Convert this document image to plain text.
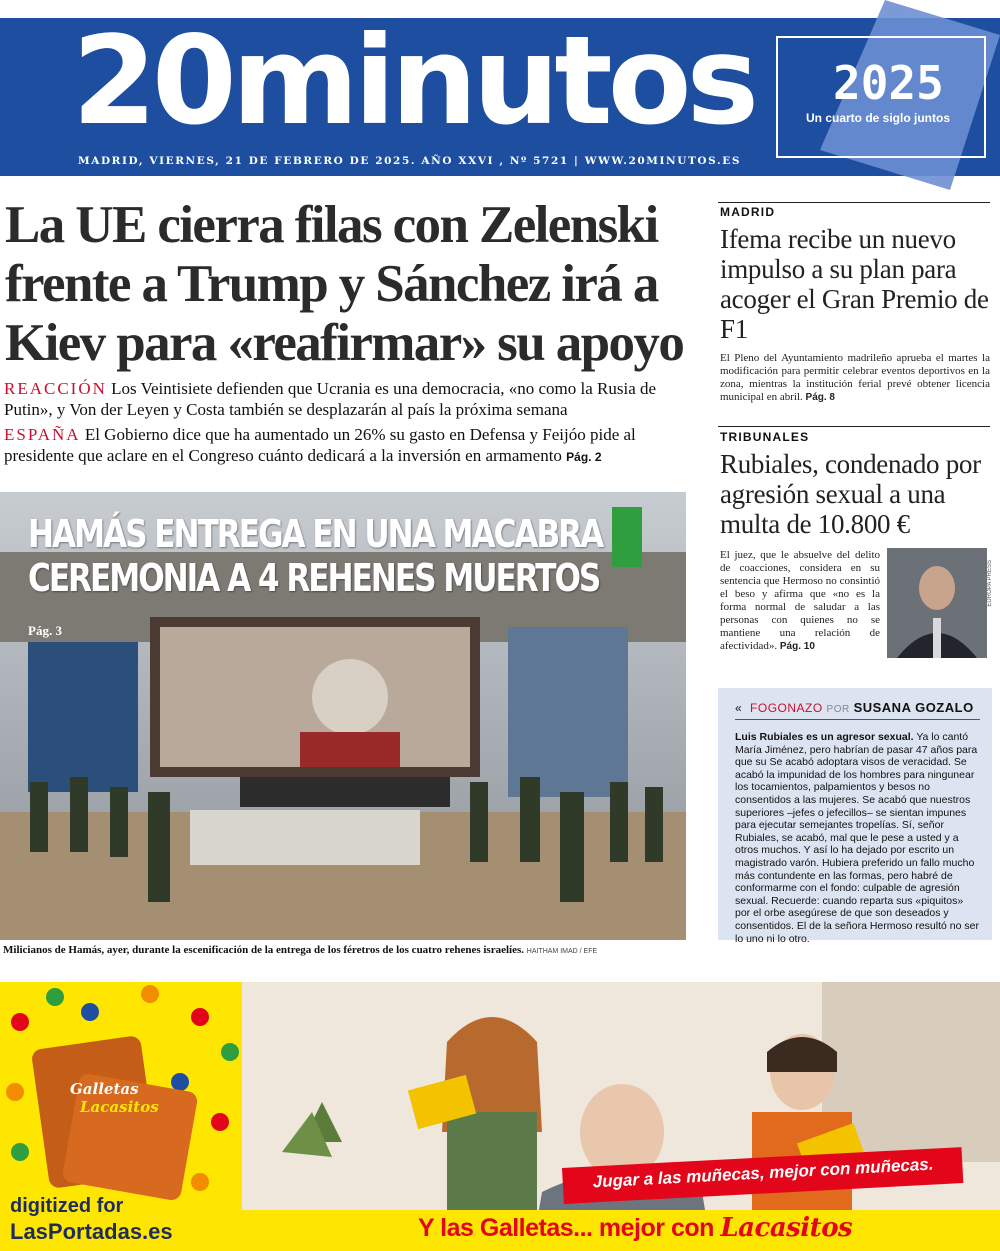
20minutos
MADRID, VIERNES, 21 DE FEBRERO DE 2025. AÑO XXVI , Nº 5721 | WWW.20MINUTOS.ES
2025
Un cuarto de siglo juntos
La UE cierra filas con Zelenski frente a Trump y Sánchez irá a Kiev para «reafirmar» su apoyo

REACCIÓN Los Veintisiete defienden que Ucrania es una democracia, «no como la Rusia de Putin», y Von der Leyen y Costa también se desplazarán al país la próxima semana

ESPAÑA El Gobierno dice que ha aumentado un 26% su gasto en Defensa y Feijóo pide al presidente que aclare en el Congreso cuánto dedicará a la inversión en armamento Pág. 2

HAMÁS ENTREGA EN UNA MACABRA
CEREMONIA A 4 REHENES MUERTOS
Pág. 3
Milicianos de Hamás, ayer, durante la escenificación de la entrega de los féretros de los cuatro rehenes israelíes. HAITHAM IMAD / EFE
MADRID
Ifema recibe un nuevo impulso a su plan para acoger el Gran Premio de F1

El Pleno del Ayuntamiento madrileño aprueba el martes la modificación para permitir celebrar eventos deportivos en la zona, mientras la institución ferial prevé obtener licencia municipal en abril. Pág. 8

TRIBUNALES
Rubiales, condenado por agresión sexual a una multa de 10.800 €

El juez, que le absuelve del delito de coacciones, considera en su sentencia que Hermoso no consintió el beso y afirma que «no es la forma normal de saludar a las personas con quienes no se mantiene una relación de afectividad». Pág. 10

EUROPA PRESS
« FOGONAZO POR SUSANA GOZALO

Luis Rubiales es un agresor sexual. Ya lo cantó María Jiménez, pero habrían de pasar 47 años para que su Se acabó adoptara visos de veracidad. Se acabó la impunidad de los hombres para ningunear los tocamientos, palpamientos y besos no consentidos a las mujeres. Se acabó que nuestros superiores –jefes o jefecillos– se sientan impunes para ejecutar semejantes tropelías. Sí, señor Rubiales, se acabó, mal que le pese a usted y a otros muchos. Y así lo ha dejado por escrito un magistrado varón. Hubiera preferido un fallo mucho más contundente en las formas, pero habré de conformarme con el fondo: culpable de agresión sexual. Recuerde: cuando reparta sus «piquitos» por el orbe asegúrese de que son deseados y consentidos. El de la señora Hermoso resultó no ser lo uno ni lo otro.

Galletas
Lacasitos
Jugar a las muñecas, mejor con muñecas.
Y las Galletas... mejor con Lacasitos
digitized for
LasPortadas.es
